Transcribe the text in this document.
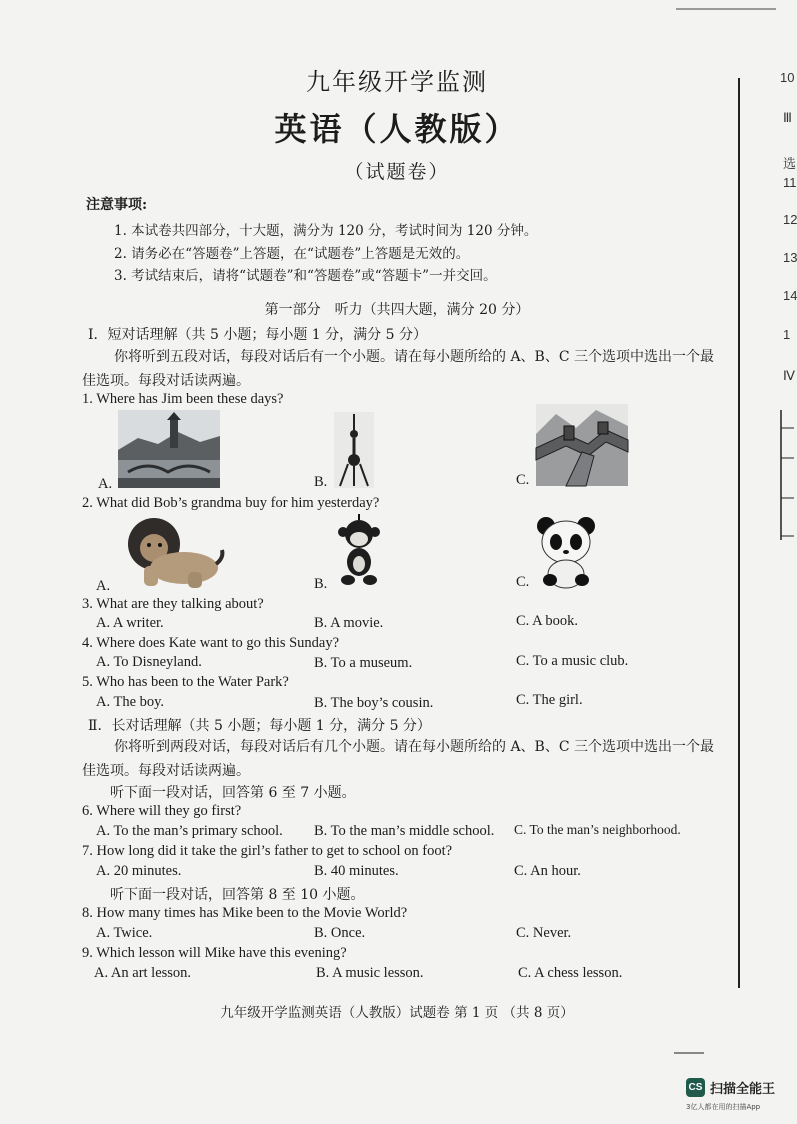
九年级开学监测
英语（人教版）
（试题卷）
注意事项:
1. 本试卷共四部分，十大题，满分为 120 分，考试时间为 120 分钟。
2. 请务必在“答题卷”上答题，在“试题卷”上答题是无效的。
3. 考试结束后，请将“试题卷”和“答题卷”或“答题卡”一并交回。
第一部分　听力（共四大题，满分 20 分）
Ⅰ．短对话理解（共 5 小题；每小题 1 分，满分 5 分）
你将听到五段对话，每段对话后有一个小题。请在每小题所给的 A、B、C 三个选项中选出一个最
佳选项。每段对话读两遍。
1. Where has Jim been these days?
A.	B.	C.
2. What did Bob’s grandma buy for him yesterday?
A.	B.	C.
3. What are they talking about?
A. A writer.	B. A movie.	C. A book.
4. Where does Kate want to go this Sunday?
A. To Disneyland.	B. To a museum.	C. To a music club.
5. Who has been to the Water Park?
A. The boy.	B. The boy’s cousin.	C. The girl.
Ⅱ．长对话理解（共 5 小题；每小题 1 分，满分 5 分）
你将听到两段对话，每段对话后有几个小题。请在每小题所给的 A、B、C 三个选项中选出一个最
佳选项。每段对话读两遍。
听下面一段对话，回答第 6 至 7 小题。
6. Where will they go first?
A. To the man’s primary school. B. To the man’s middle school. C. To the man’s neighborhood.
7. How long did it take the girl’s father to get to school on foot?
A. 20 minutes.	B. 40 minutes.	C. An hour.
听下面一段对话，回答第 8 至 10 小题。
8. How many times has Mike been to the Movie World?
A. Twice.	B. Once.	C. Never.
9. Which lesson will Mike have this evening?
A. An art lesson.	B. A music lesson.	C. A chess lesson.
九年级开学监测英语（人教版）试题卷 第 1 页 （共 8 页）
10
Ⅲ
选
11
12
13
14
1
Ⅳ
CS 扫描全能王
3亿人都在用的扫描App
